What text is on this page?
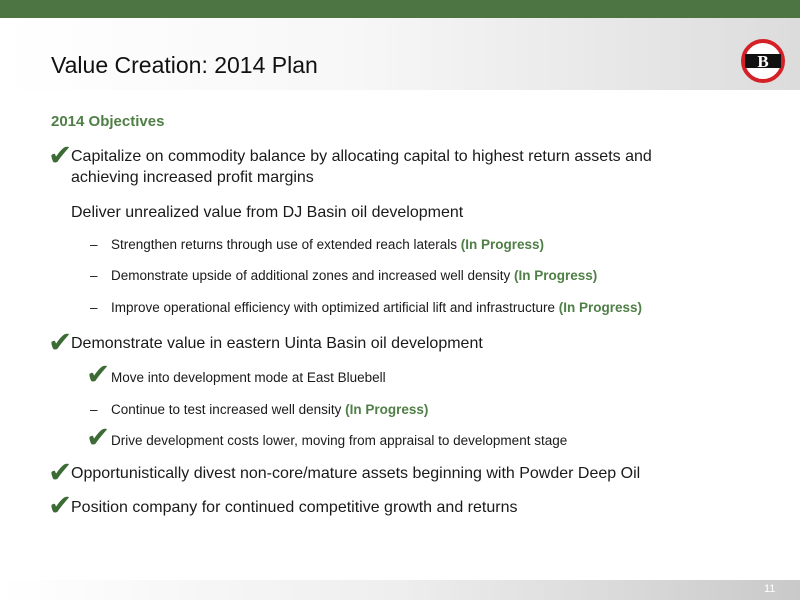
Value Creation: 2014 Plan	B
2014 Objectives
✔
Capitalize on commodity balance by allocating capital to highest return assets and
achieving increased profit margins
Deliver unrealized value from DJ Basin oil development
– Strengthen returns through use of extended reach laterals (In Progress)
– Demonstrate upside of additional zones and increased well density (In Progress)
– Improve operational efficiency with optimized artificial lift and infrastructure (In Progress)
✔
Demonstrate value in eastern Uinta Basin oil development
✔ Move into development mode at East Bluebell
– Continue to test increased well density (In Progress)
✔ Drive development costs lower, moving from appraisal to development stage
✔
Opportunistically divest non-core/mature assets beginning with Powder Deep Oil
✔
Position company for continued competitive growth and returns
11
